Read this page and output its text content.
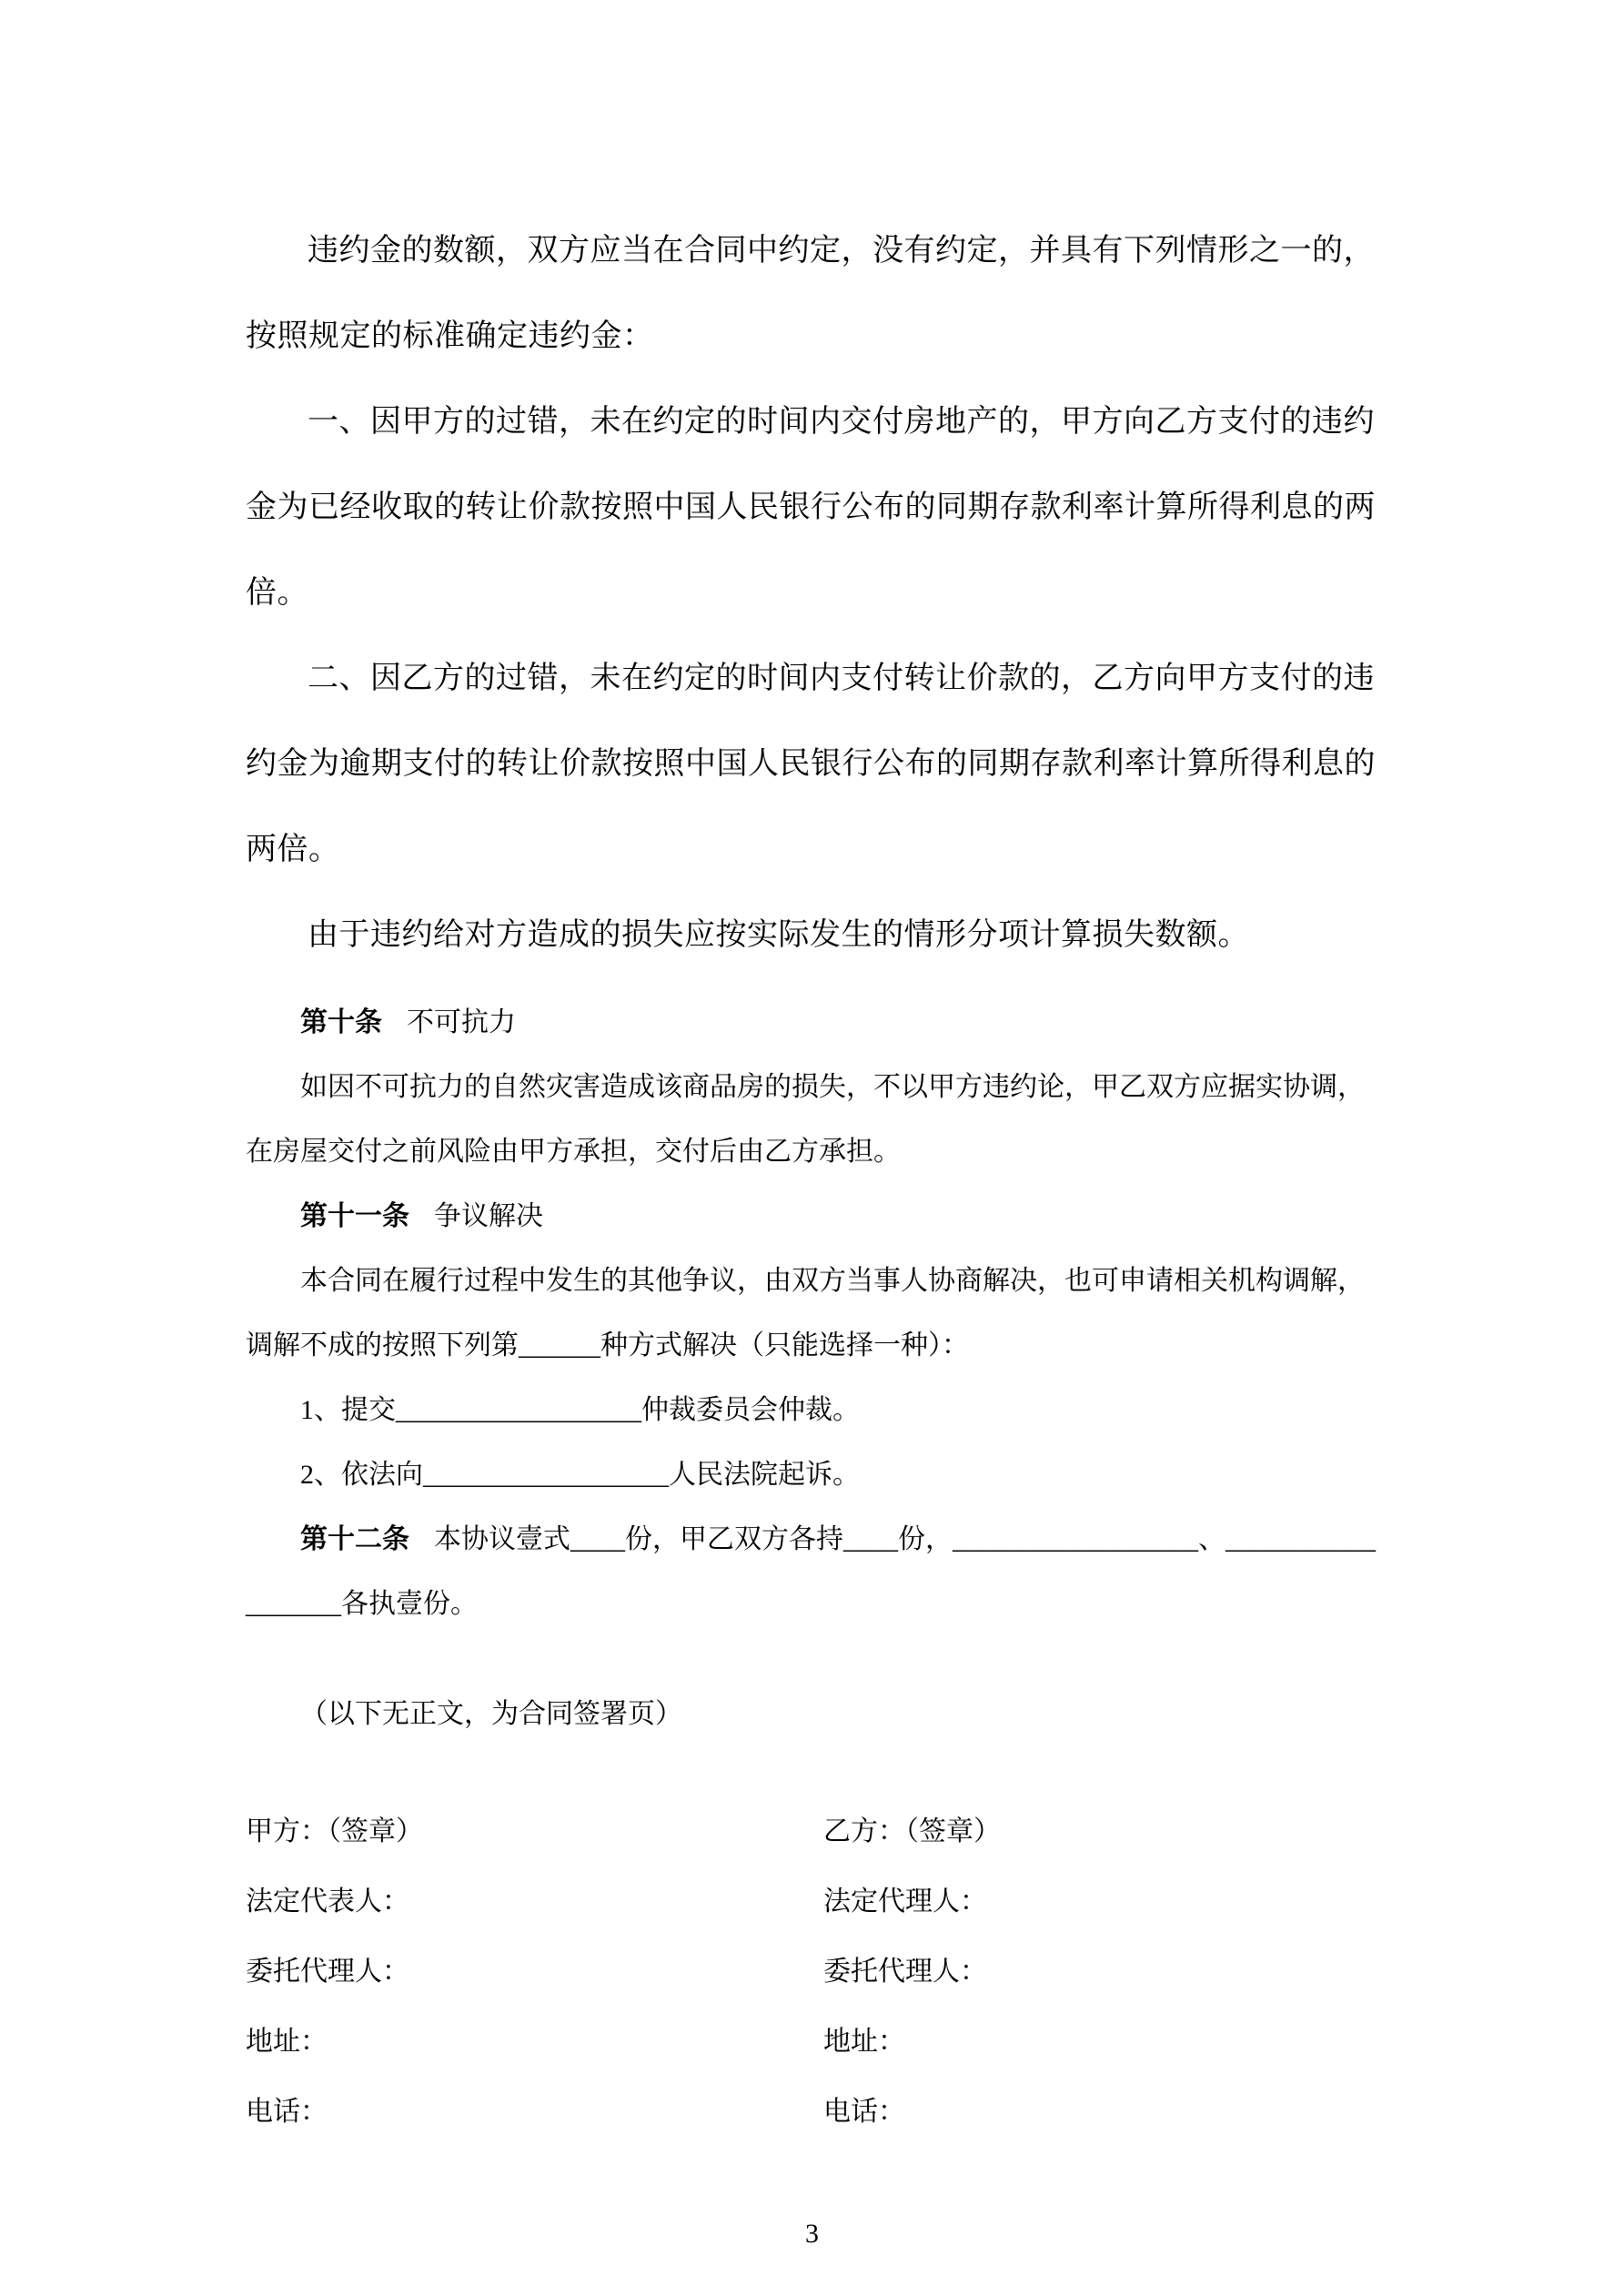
违约金的数额，双方应当在合同中约定，没有约定，并具有下列情形之一的，按照规定的标准确定违约金：

一、因甲方的过错，未在约定的时间内交付房地产的，甲方向乙方支付的违约金为已经收取的转让价款按照中国人民银行公布的同期存款利率计算所得利息的两倍。

二、因乙方的过错，未在约定的时间内支付转让价款的，乙方向甲方支付的违约金为逾期支付的转让价款按照中国人民银行公布的同期存款利率计算所得利息的两倍。

由于违约给对方造成的损失应按实际发生的情形分项计算损失数额。

第十条 不可抗力

如因不可抗力的自然灾害造成该商品房的损失，不以甲方违约论，甲乙双方应据实协调，在房屋交付之前风险由甲方承担，交付后由乙方承担。

第十一条 争议解决

本合同在履行过程中发生的其他争议，由双方当事人协商解决，也可申请相关机构调解，调解不成的按照下列第______种方式解决（只能选择一种）：

1、提交__________________仲裁委员会仲裁。

2、依法向__________________人民法院起诉。

第十二条 本协议壹式____份，甲乙双方各持____份，__________________、__________________各执壹份。

（以下无正文，为合同签署页）

甲方：（签章）

法定代表人：

委托代理人：

地址：

电话：

乙方：（签章）

法定代理人：

委托代理人：

地址：

电话：

3
